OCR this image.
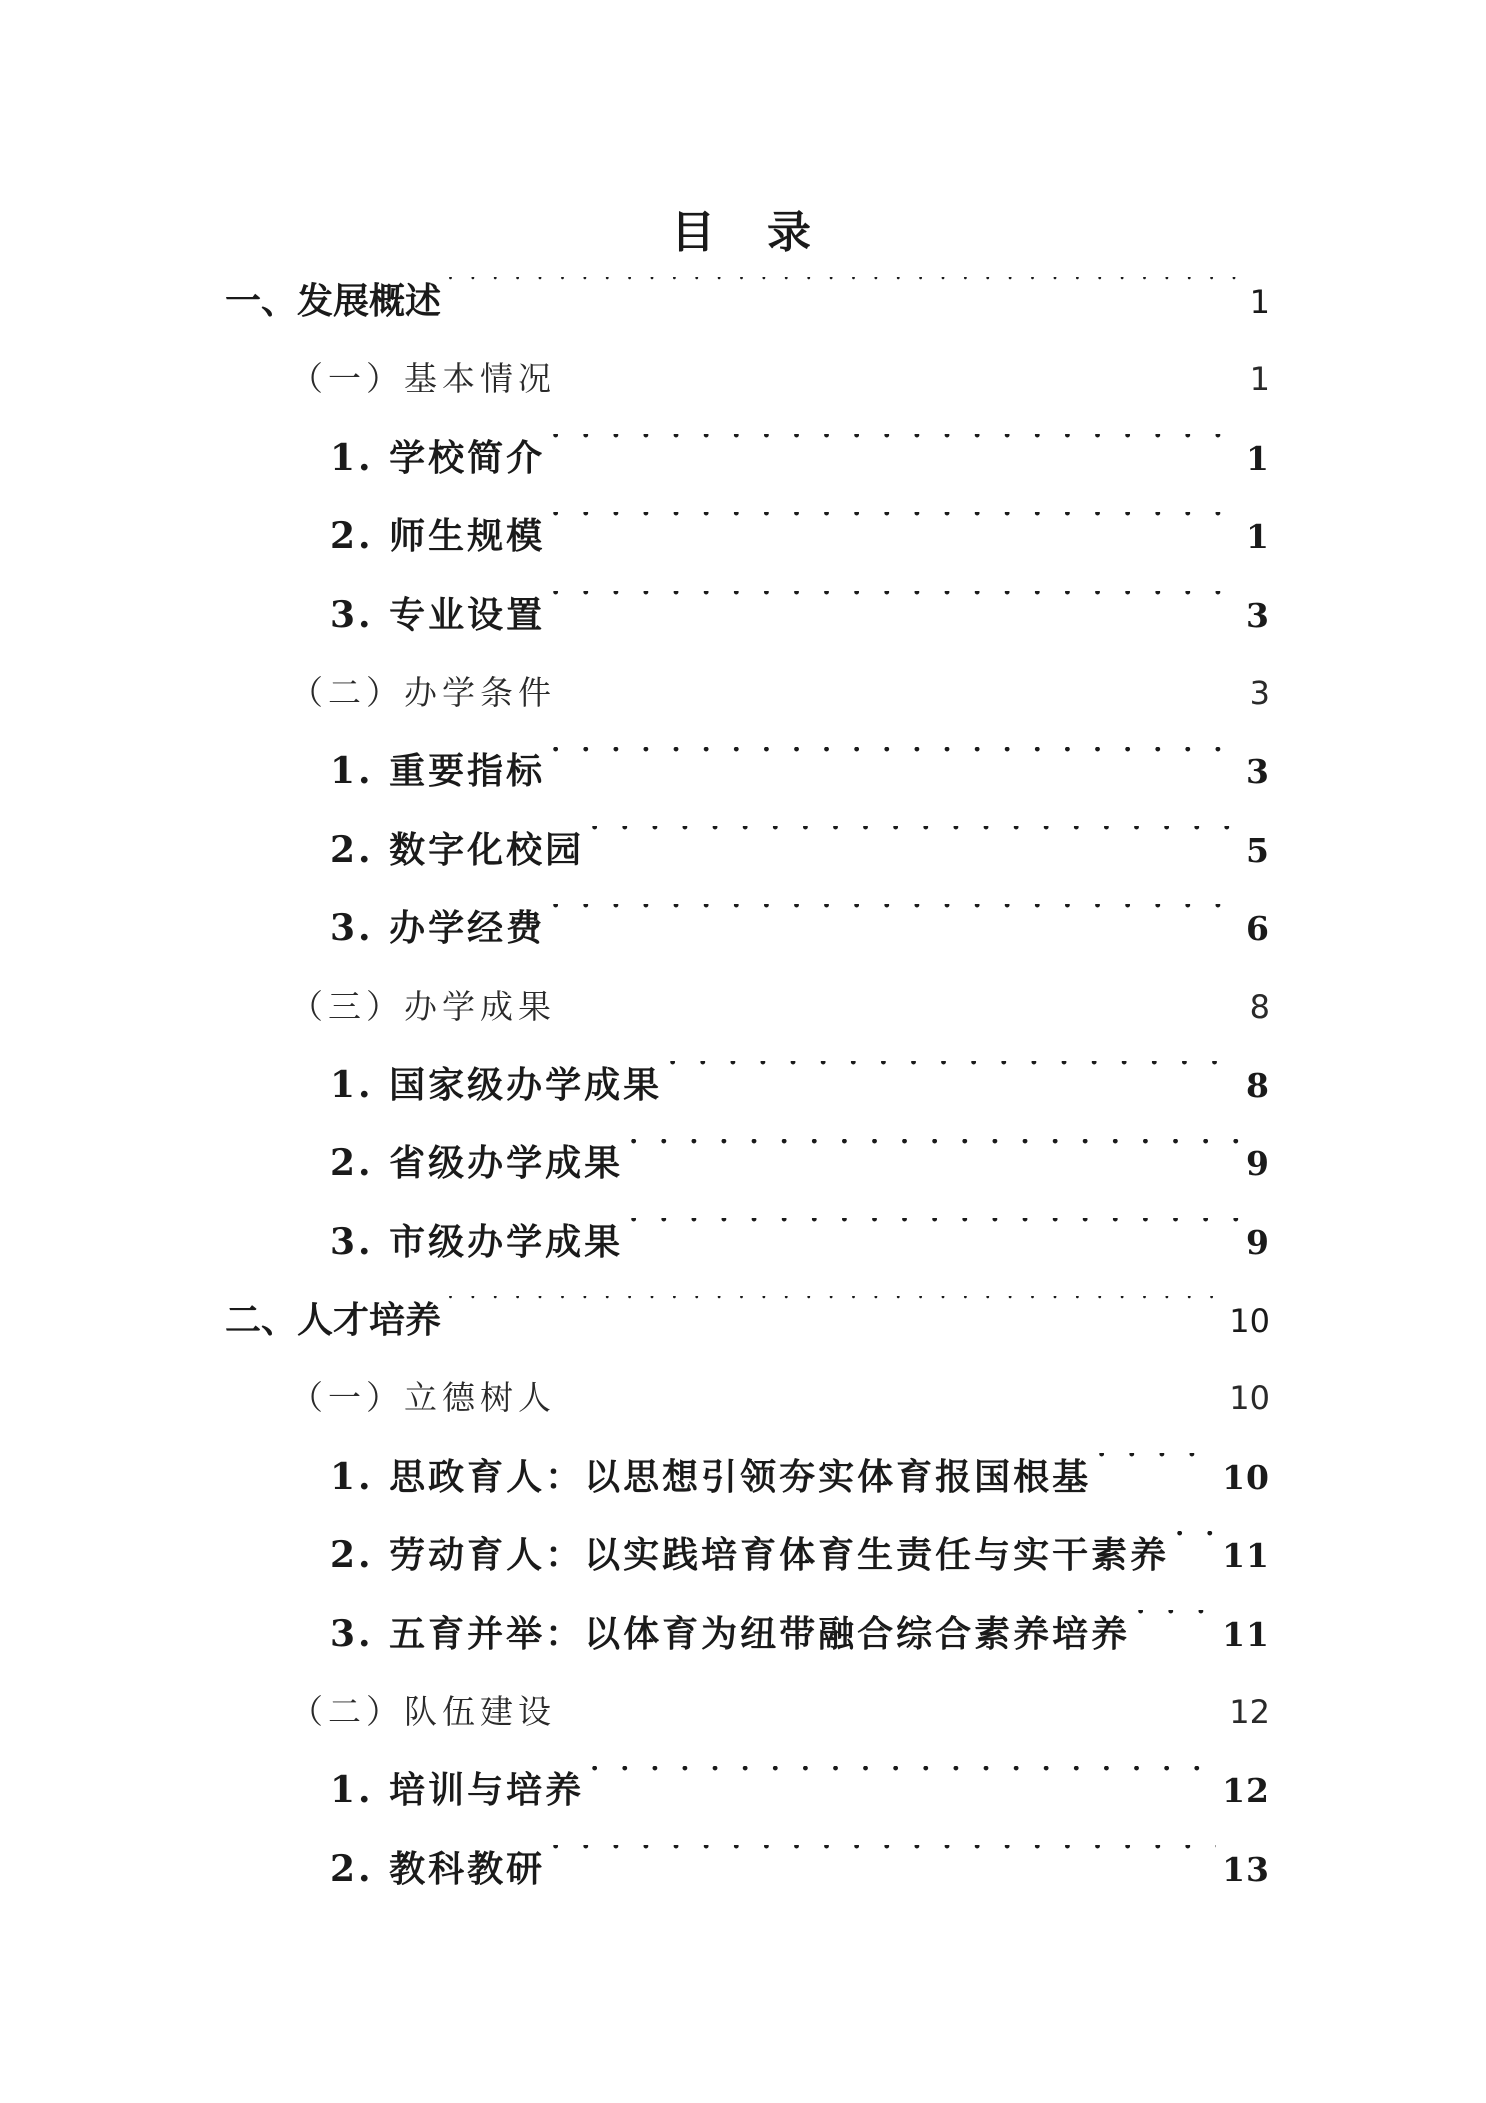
目 录
一、发展概述 . . .	1
（一）基本情况 . . .	1
1. 学校简介 . . .	1
2. 师生规模 . . .	1
3. 专业设置 . . .	3
（二）办学条件 . . .	3
1. 重要指标 . . .	3
2. 数字化校园 . . .	5
3. 办学经费 . . .	6
（三）办学成果 . . .	8
1. 国家级办学成果 . . .	8
2. 省级办学成果 . . .	9
3. 市级办学成果 . . .	9
二、人才培养 . . .	10
（一）立德树人 . . .	10
1. 思政育人：以思想引领夯实体育报国根基 . . .	10
2. 劳动育人：以实践培育体育生责任与实干素养 . . . 11
3. 五育并举：以体育为纽带融合综合素养培养 . . .	11
（二）队伍建设 . . .	12
1. 培训与培养 . . .	12
2. 教科教研 . . .	13
